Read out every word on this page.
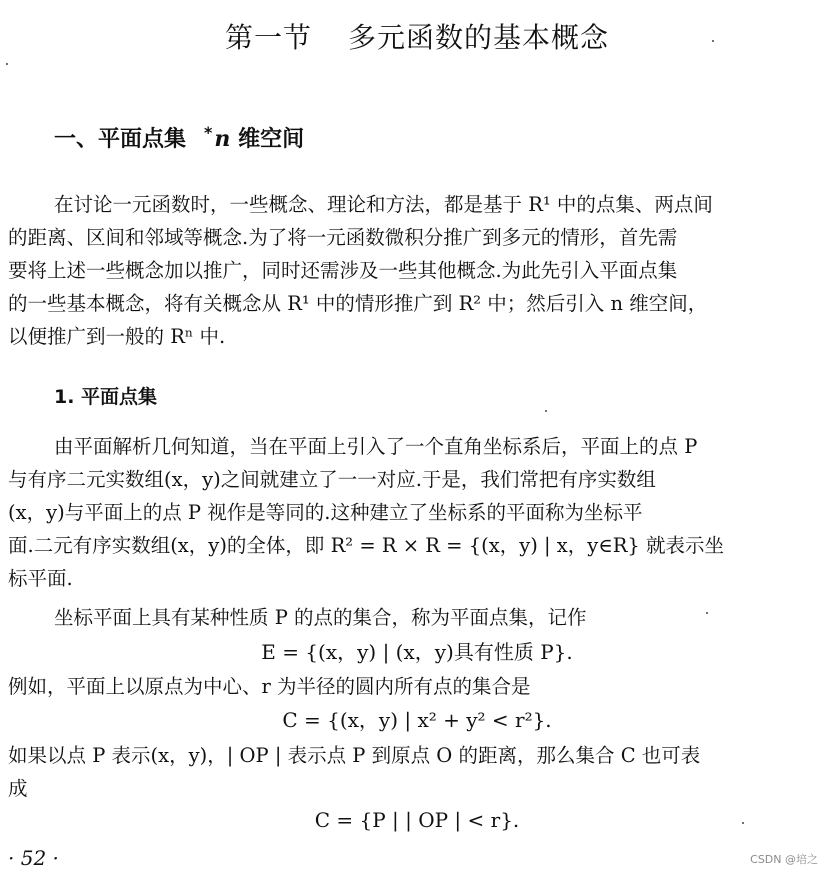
第一节 多元函数的基本概念
一、平面点集 *n 维空间
在讨论一元函数时，一些概念、理论和方法，都是基于 R¹ 中的点集、两点间
的距离、区间和邻域等概念.为了将一元函数微积分推广到多元的情形，首先需
要将上述一些概念加以推广，同时还需涉及一些其他概念.为此先引入平面点集
的一些基本概念，将有关概念从 R¹ 中的情形推广到 R² 中；然后引入 n 维空间，
以便推广到一般的 Rⁿ 中.
1. 平面点集
由平面解析几何知道，当在平面上引入了一个直角坐标系后，平面上的点 P
与有序二元实数组(x，y)之间就建立了一一对应.于是，我们常把有序实数组
(x，y)与平面上的点 P 视作是等同的.这种建立了坐标系的平面称为坐标平
面.二元有序实数组(x，y)的全体，即 R² = R × R = {(x，y) | x，y∈R} 就表示坐
标平面.
坐标平面上具有某种性质 P 的点的集合，称为平面点集，记作
E = {(x，y) | (x，y)具有性质 P}.
例如，平面上以原点为中心、r 为半径的圆内所有点的集合是
C = {(x，y) | x² + y² < r²}.
如果以点 P 表示(x，y)，| OP | 表示点 P 到原点 O 的距离，那么集合 C 也可表
成
C = {P | | OP | < r}.
· 52 ·	CSDN @培之
